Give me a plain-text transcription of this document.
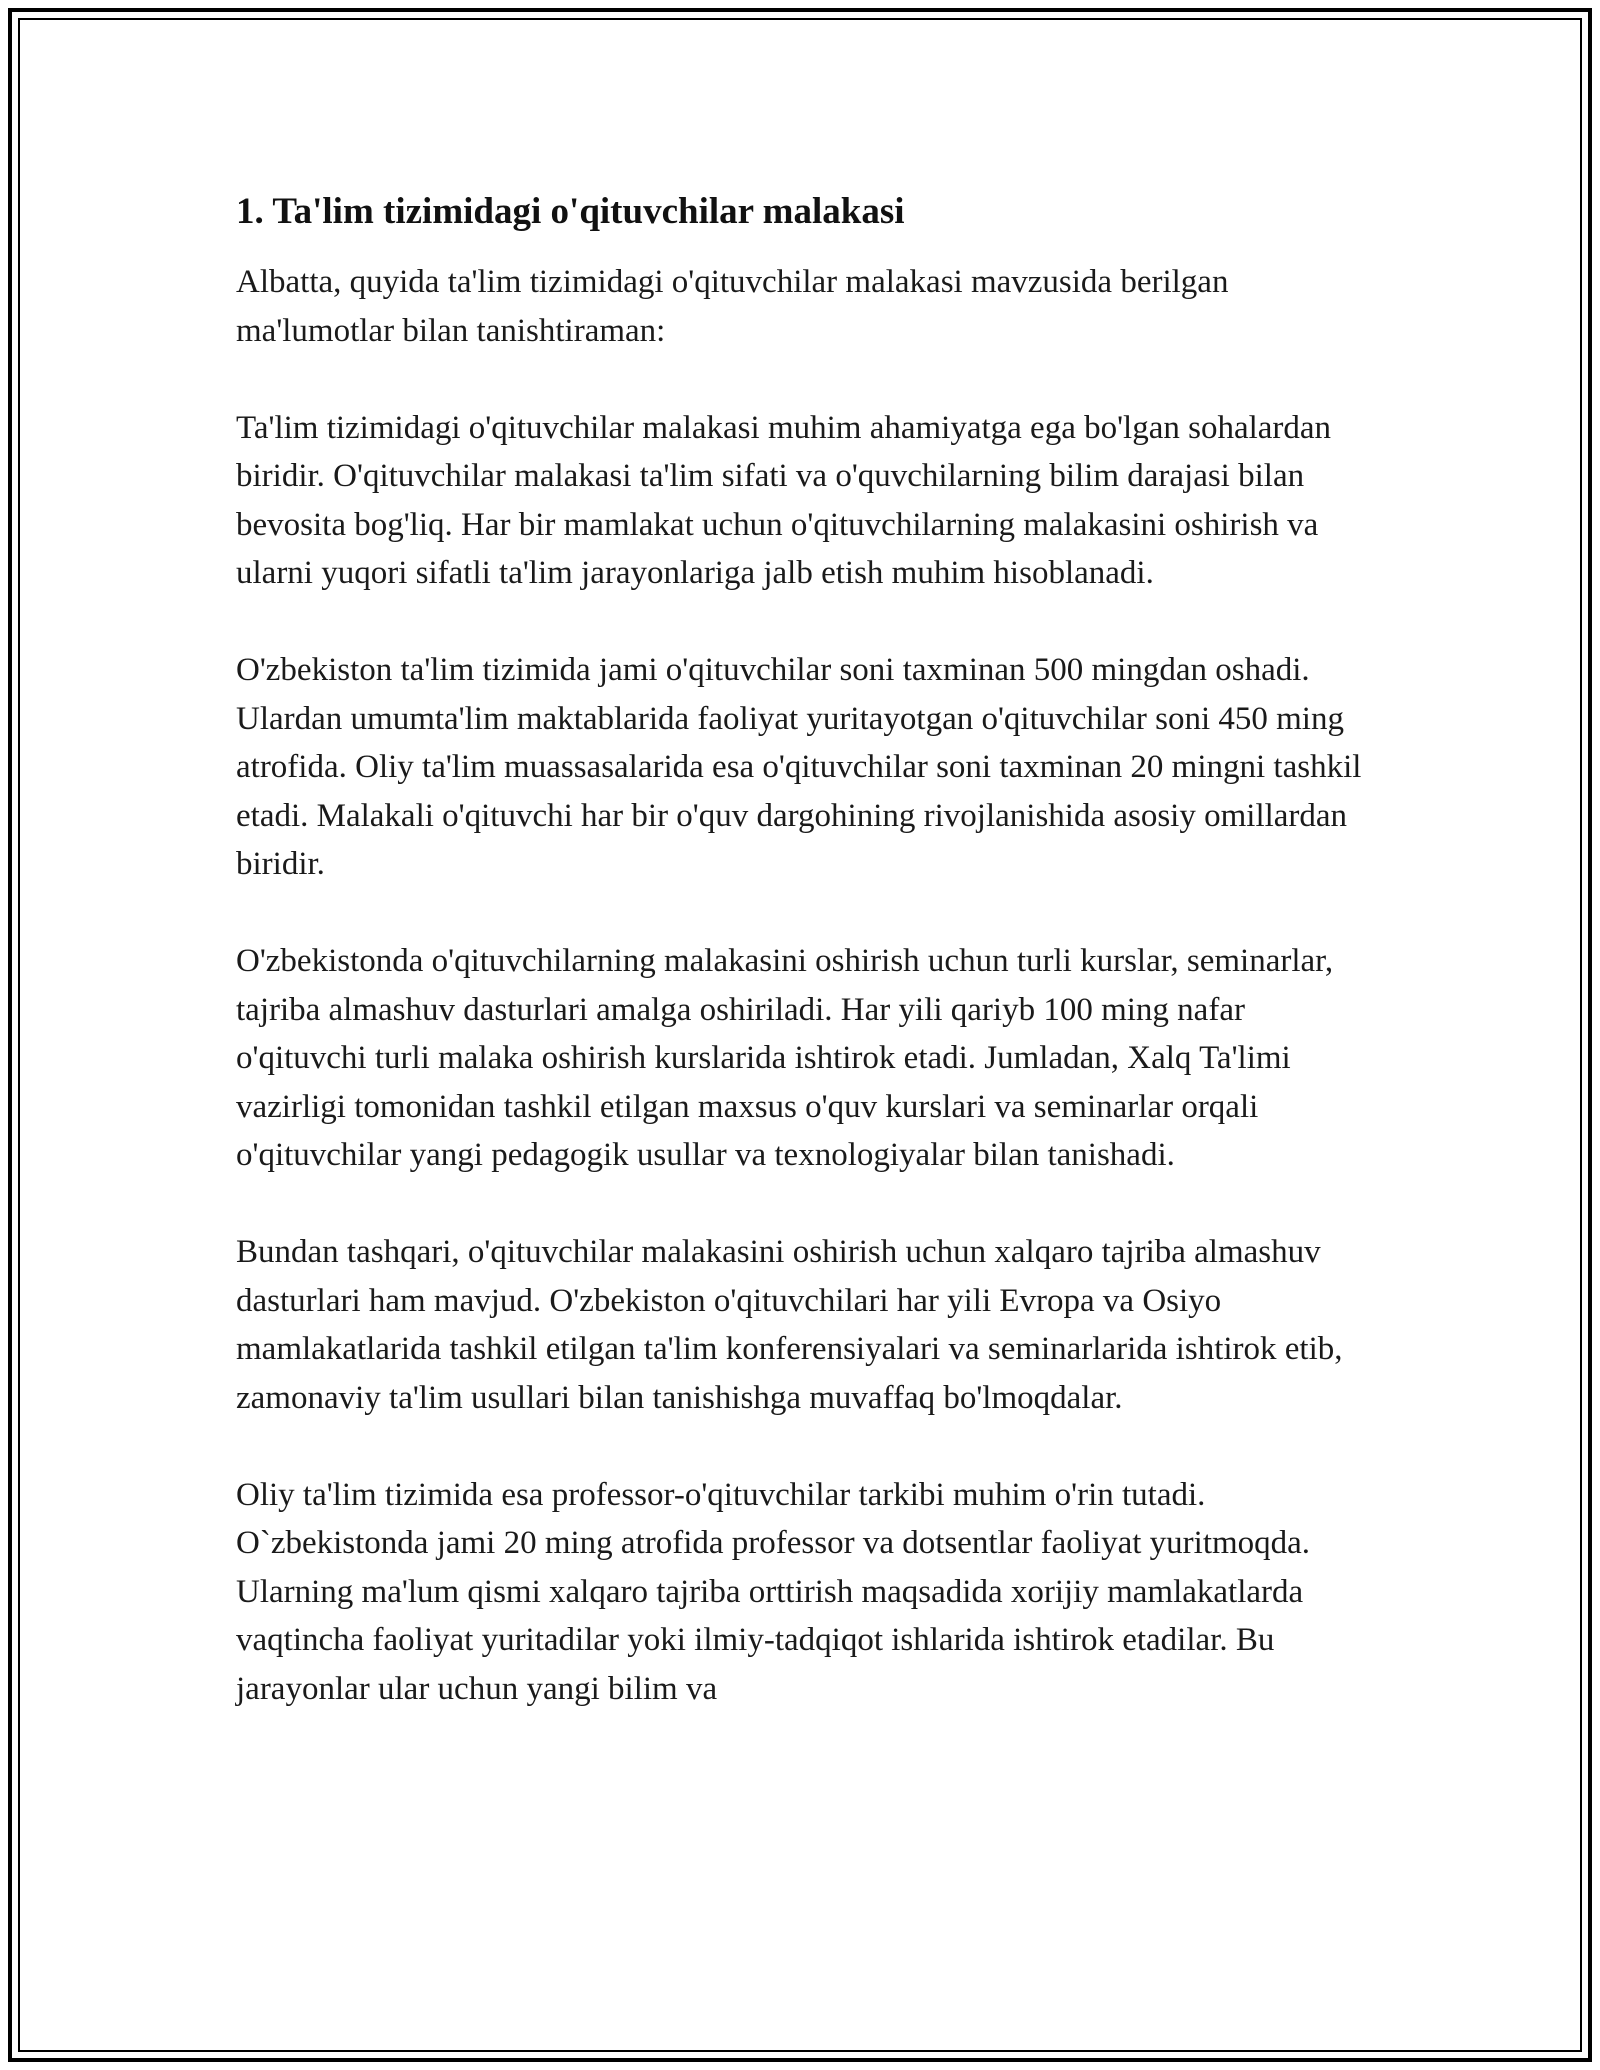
1. Ta'lim tizimidagi o'qituvchilar malakasi

Albatta, quyida ta'lim tizimidagi o'qituvchilar malakasi mavzusida berilgan ma'lumotlar bilan tanishtiraman:

Ta'lim tizimidagi o'qituvchilar malakasi muhim ahamiyatga ega bo'lgan sohalardan biridir. O'qituvchilar malakasi ta'lim sifati va o'quvchilarning bilim darajasi bilan bevosita bog'liq. Har bir mamlakat uchun o'qituvchilarning malakasini oshirish va ularni yuqori sifatli ta'lim jarayonlariga jalb etish muhim hisoblanadi.

O'zbekiston ta'lim tizimida jami o'qituvchilar soni taxminan 500 mingdan oshadi. Ulardan umumta'lim maktablarida faoliyat yuritayotgan o'qituvchilar soni 450 ming atrofida. Oliy ta'lim muassasalarida esa o'qituvchilar soni taxminan 20 mingni tashkil etadi. Malakali o'qituvchi har bir o'quv dargohining rivojlanishida asosiy omillardan biridir.

O'zbekistonda o'qituvchilarning malakasini oshirish uchun turli kurslar, seminarlar, tajriba almashuv dasturlari amalga oshiriladi. Har yili qariyb 100 ming nafar o'qituvchi turli malaka oshirish kurslarida ishtirok etadi. Jumladan, Xalq Ta'limi vazirligi tomonidan tashkil etilgan maxsus o'quv kurslari va seminarlar orqali o'qituvchilar yangi pedagogik usullar va texnologiyalar bilan tanishadi.

Bundan tashqari, o'qituvchilar malakasini oshirish uchun xalqaro tajriba almashuv dasturlari ham mavjud. O'zbekiston o'qituvchilari har yili Evropa va Osiyo mamlakatlarida tashkil etilgan ta'lim konferensiyalari va seminarlarida ishtirok etib, zamonaviy ta'lim usullari bilan tanishishga muvaffaq bo'lmoqdalar.

Oliy ta'lim tizimida esa professor-o'qituvchilar tarkibi muhim o'rin tutadi. O`zbekistonda jami 20 ming atrofida professor va dotsentlar faoliyat yuritmoqda. Ularning ma'lum qismi xalqaro tajriba orttirish maqsadida xorijiy mamlakatlarda vaqtincha faoliyat yuritadilar yoki ilmiy-tadqiqot ishlarida ishtirok etadilar. Bu jarayonlar ular uchun yangi bilim va
